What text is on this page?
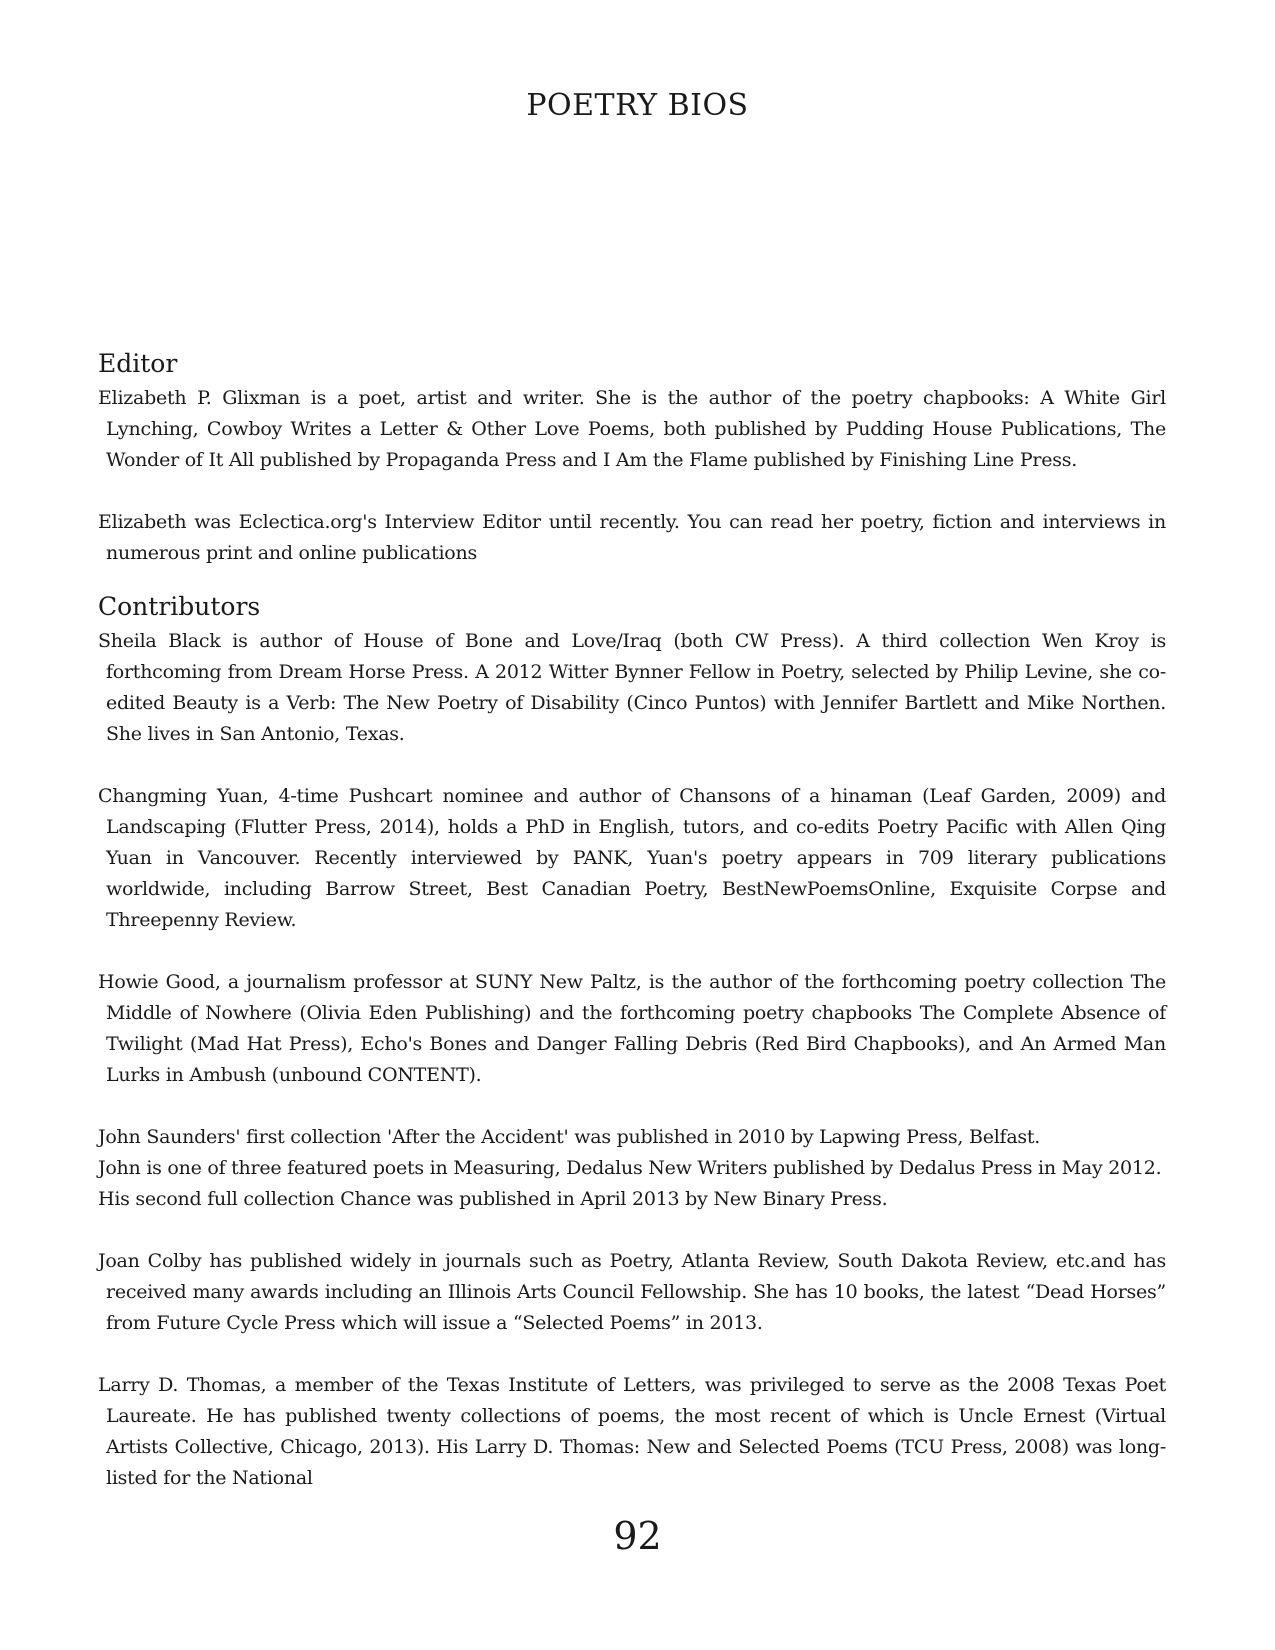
POETRY BIOS
Editor

Elizabeth P. Glixman is a poet, artist and writer. She is the author of the poetry chapbooks: A White Girl Lynching, Cowboy Writes a Letter & Other Love Poems, both published by Pudding House Publications, The Wonder of It All published by Propaganda Press and I Am the Flame published by Finishing Line Press.

Elizabeth was Eclectica.org's Interview Editor until recently. You can read her poetry, fiction and interviews in numerous print and online publications

Contributors

Sheila Black is author of House of Bone and Love/Iraq (both CW Press). A third collection Wen Kroy is forthcoming from Dream Horse Press. A 2012 Witter Bynner Fellow in Poetry, selected by Philip Levine, she co-edited Beauty is a Verb: The New Poetry of Disability (Cinco Puntos) with Jennifer Bartlett and Mike Northen. She lives in San Antonio, Texas.

Changming Yuan, 4-time Pushcart nominee and author of Chansons of a hinaman (Leaf Garden, 2009) and Landscaping (Flutter Press, 2014), holds a PhD in English, tutors, and co-edits Poetry Pacific with Allen Qing Yuan in Vancouver. Recently interviewed by PANK, Yuan's poetry appears in 709 literary publications worldwide, including Barrow Street, Best Canadian Poetry, BestNewPoemsOnline, Exquisite Corpse and Threepenny Review.

Howie Good, a journalism professor at SUNY New Paltz, is the author of the forthcoming poetry collection The Middle of Nowhere (Olivia Eden Publishing) and the forthcoming poetry chapbooks The Complete Absence of Twilight (Mad Hat Press), Echo's Bones and Danger Falling Debris (Red Bird Chapbooks), and An Armed Man Lurks in Ambush (unbound CONTENT).

John Saunders' first collection 'After the Accident' was published in 2010 by Lapwing Press, Belfast.
John is one of three featured poets in Measuring, Dedalus New Writers published by Dedalus Press in May 2012.
His second full collection Chance was published in April 2013 by New Binary Press.

Joan Colby has published widely in journals such as Poetry, Atlanta Review, South Dakota Review, etc.and has received many awards including an Illinois Arts Council Fellowship. She has 10 books, the latest “Dead Horses” from Future Cycle Press which will issue a “Selected Poems” in 2013.

Larry D. Thomas, a member of the Texas Institute of Letters, was privileged to serve as the 2008 Texas Poet Laureate. He has published twenty collections of poems, the most recent of which is Uncle Ernest (Virtual Artists Collective, Chicago, 2013). His Larry D. Thomas: New and Selected Poems (TCU Press, 2008) was long-listed for the National

92
